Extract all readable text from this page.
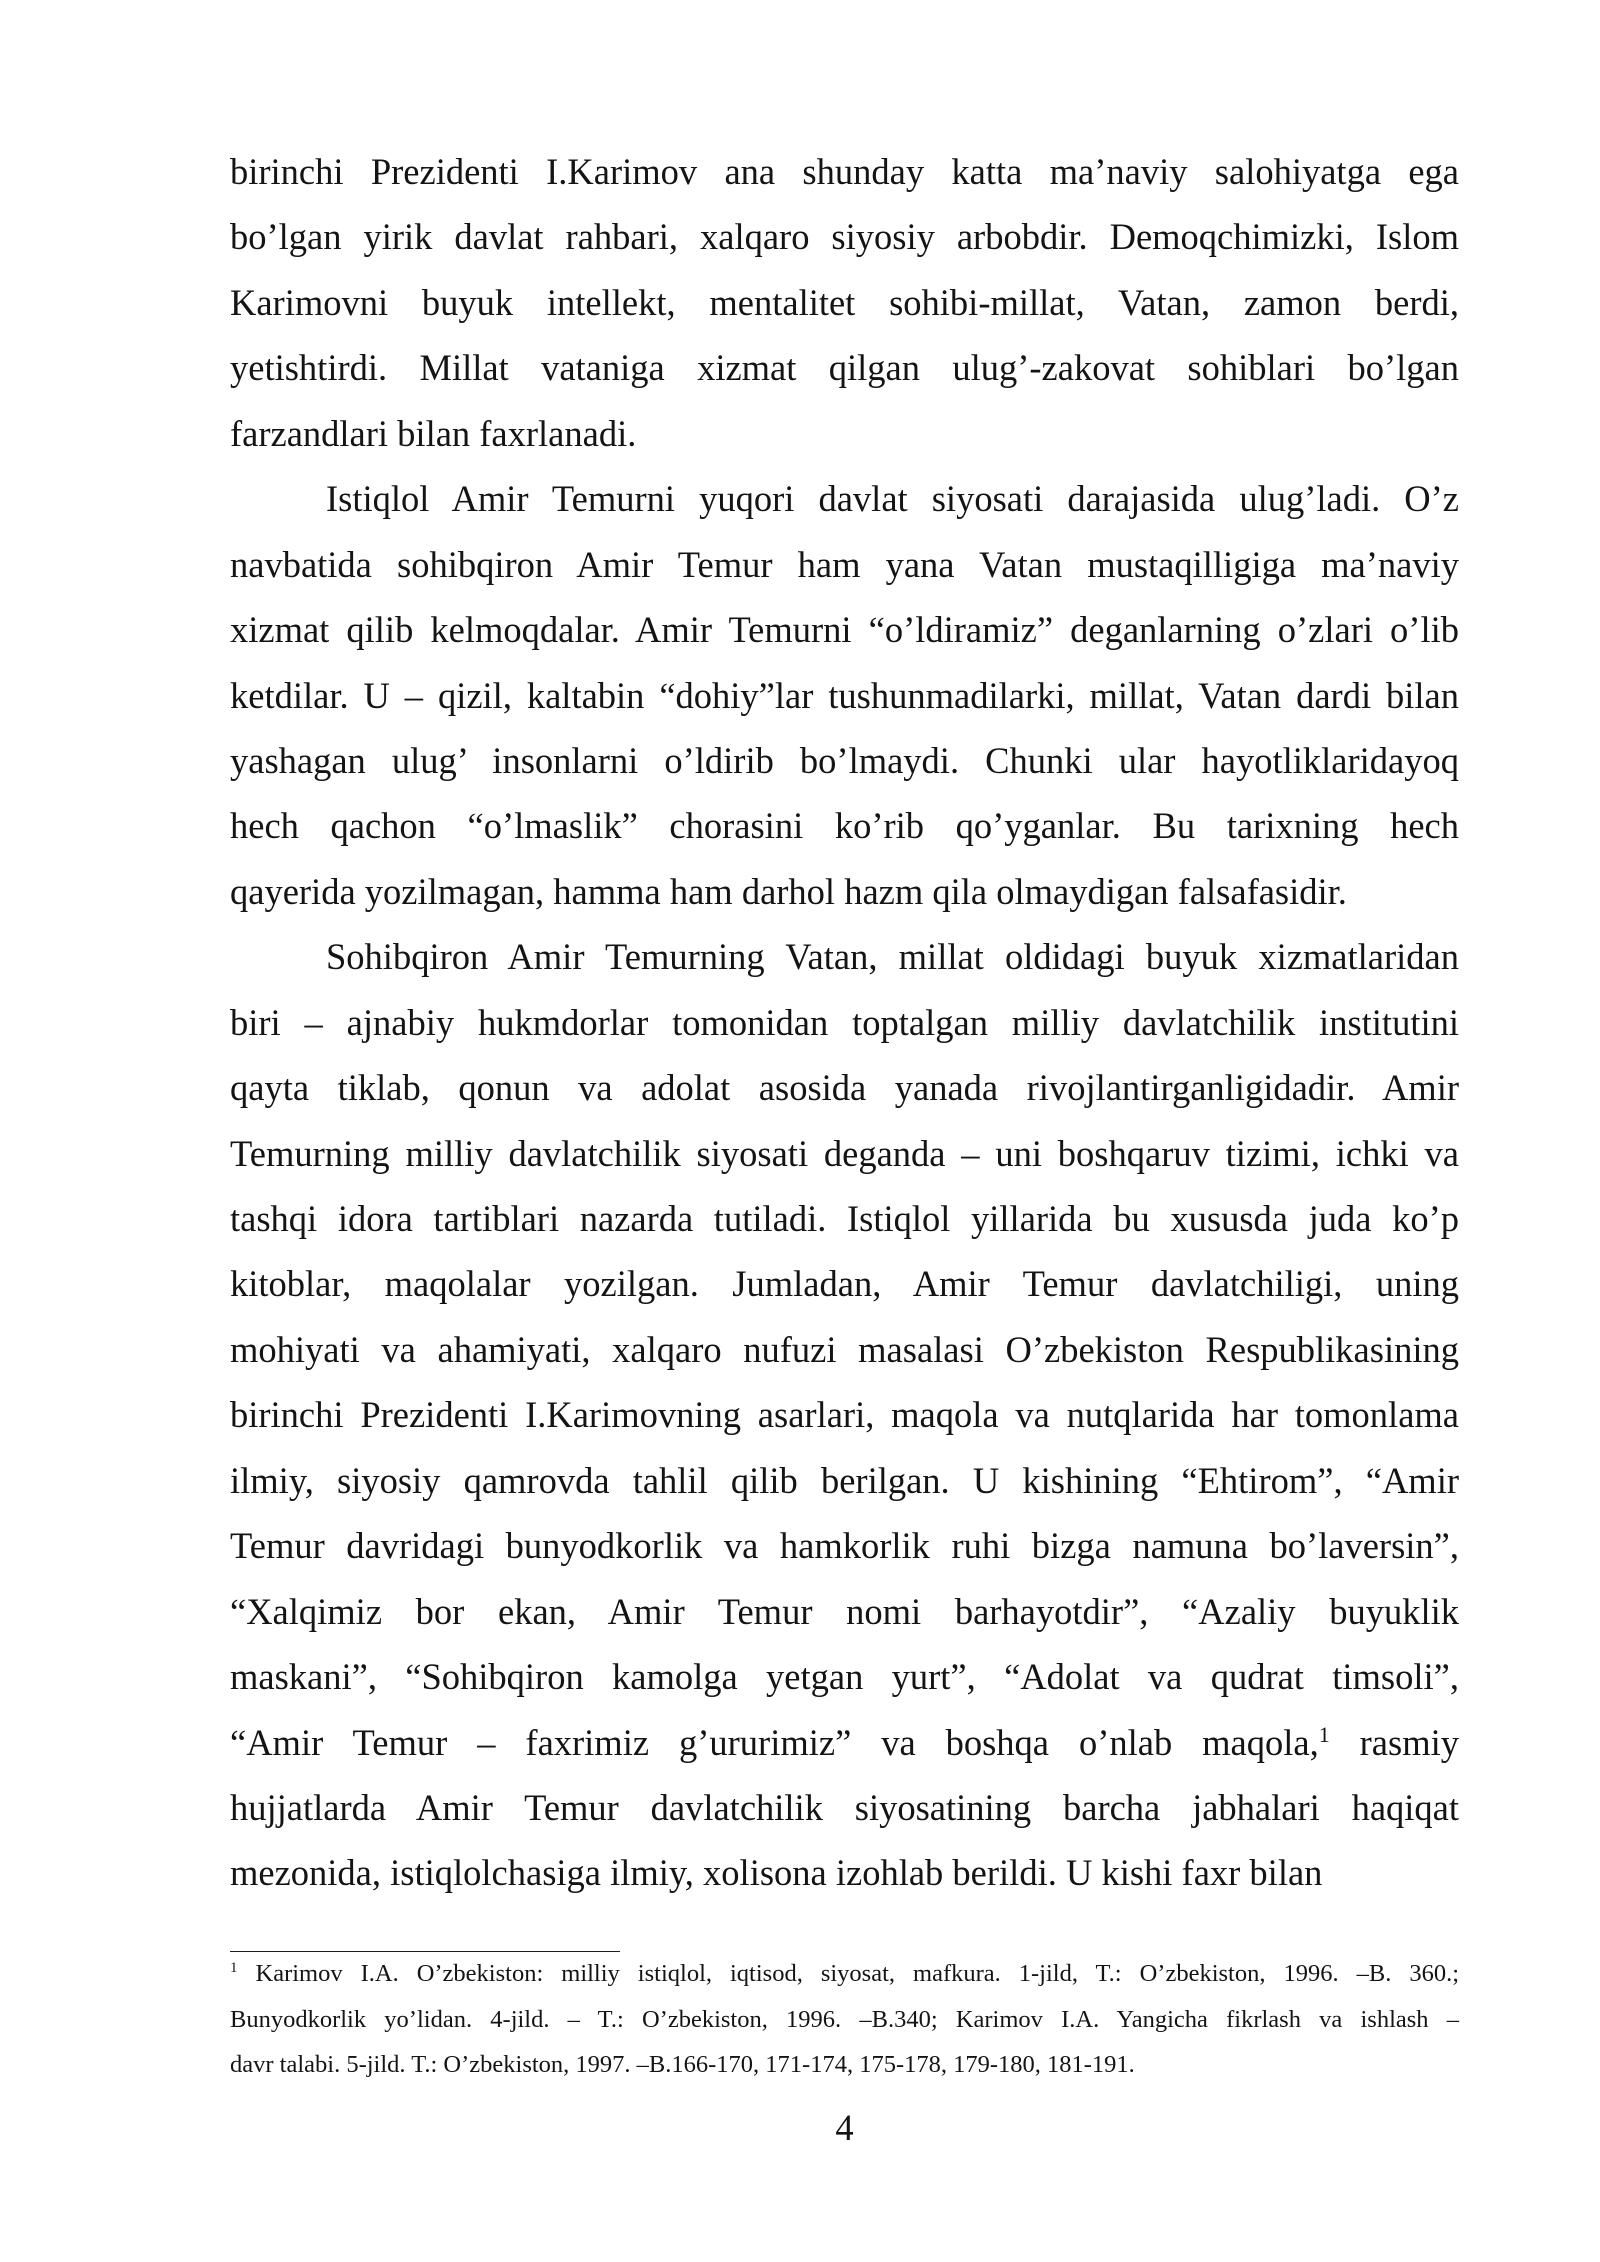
birinchi Prezidenti I.Karimov ana shunday katta ma’naviy salohiyatga ega
bo’lgan yirik davlat rahbari, xalqaro siyosiy arbobdir. Demoqchimizki, Islom
Karimovni buyuk intellekt, mentalitet sohibi-millat, Vatan, zamon berdi,
yetishtirdi. Millat vataniga xizmat qilgan ulug’-zakovat sohiblari bo’lgan
farzandlari bilan faxrlanadi.
Istiqlol Amir Temurni yuqori davlat siyosati darajasida ulug’ladi. O’z
navbatida sohibqiron Amir Temur ham yana Vatan mustaqilligiga ma’naviy
xizmat qilib kelmoqdalar. Amir Temurni “o’ldiramiz” deganlarning o’zlari o’lib
ketdilar. U – qizil, kaltabin “dohiy”lar tushunmadilarki, millat, Vatan dardi bilan
yashagan ulug’ insonlarni o’ldirib bo’lmaydi. Chunki ular hayotliklaridayoq
hech qachon “o’lmaslik” chorasini ko’rib qo’yganlar. Bu tarixning hech
qayerida yozilmagan, hamma ham darhol hazm qila olmaydigan falsafasidir.
Sohibqiron Amir Temurning Vatan, millat oldidagi buyuk xizmatlaridan
biri – ajnabiy hukmdorlar tomonidan toptalgan milliy davlatchilik institutini
qayta tiklab, qonun va adolat asosida yanada rivojlantirganligidadir. Amir
Temurning milliy davlatchilik siyosati deganda – uni boshqaruv tizimi, ichki va
tashqi idora tartiblari nazarda tutiladi. Istiqlol yillarida bu xususda juda ko’p
kitoblar, maqolalar yozilgan. Jumladan, Amir Temur davlatchiligi, uning
mohiyati va ahamiyati, xalqaro nufuzi masalasi O’zbekiston Respublikasining
birinchi Prezidenti I.Karimovning asarlari, maqola va nutqlarida har tomonlama
ilmiy, siyosiy qamrovda tahlil qilib berilgan. U kishining “Ehtirom”, “Amir
Temur davridagi bunyodkorlik va hamkorlik ruhi bizga namuna bo’laversin”,
“Xalqimiz bor ekan, Amir Temur nomi barhayotdir”, “Azaliy buyuklik
maskani”, “Sohibqiron kamolga yetgan yurt”, “Adolat va qudrat timsoli”,
“Amir Temur – faxrimiz g’ururimiz” va boshqa o’nlab maqola,$^1$ rasmiy
hujjatlarda Amir Temur davlatchilik siyosatining barcha jabhalari haqiqat
mezonida, istiqlolchasiga ilmiy, xolisona izohlab berildi. U kishi faxr bilan
$^1$ Karimov I.A. O’zbekiston: milliy istiqlol, iqtisod, siyosat, mafkura. 1-jild, T.: O’zbekiston, 1996. –B. 360.;
Bunyodkorlik yo’lidan. 4-jild. – T.: O’zbekiston, 1996. –B.340; Karimov I.A. Yangicha fikrlash va ishlash –
davr talabi. 5-jild. T.: O’zbekiston, 1997. –B.166-170, 171-174, 175-178, 179-180, 181-191.
4
